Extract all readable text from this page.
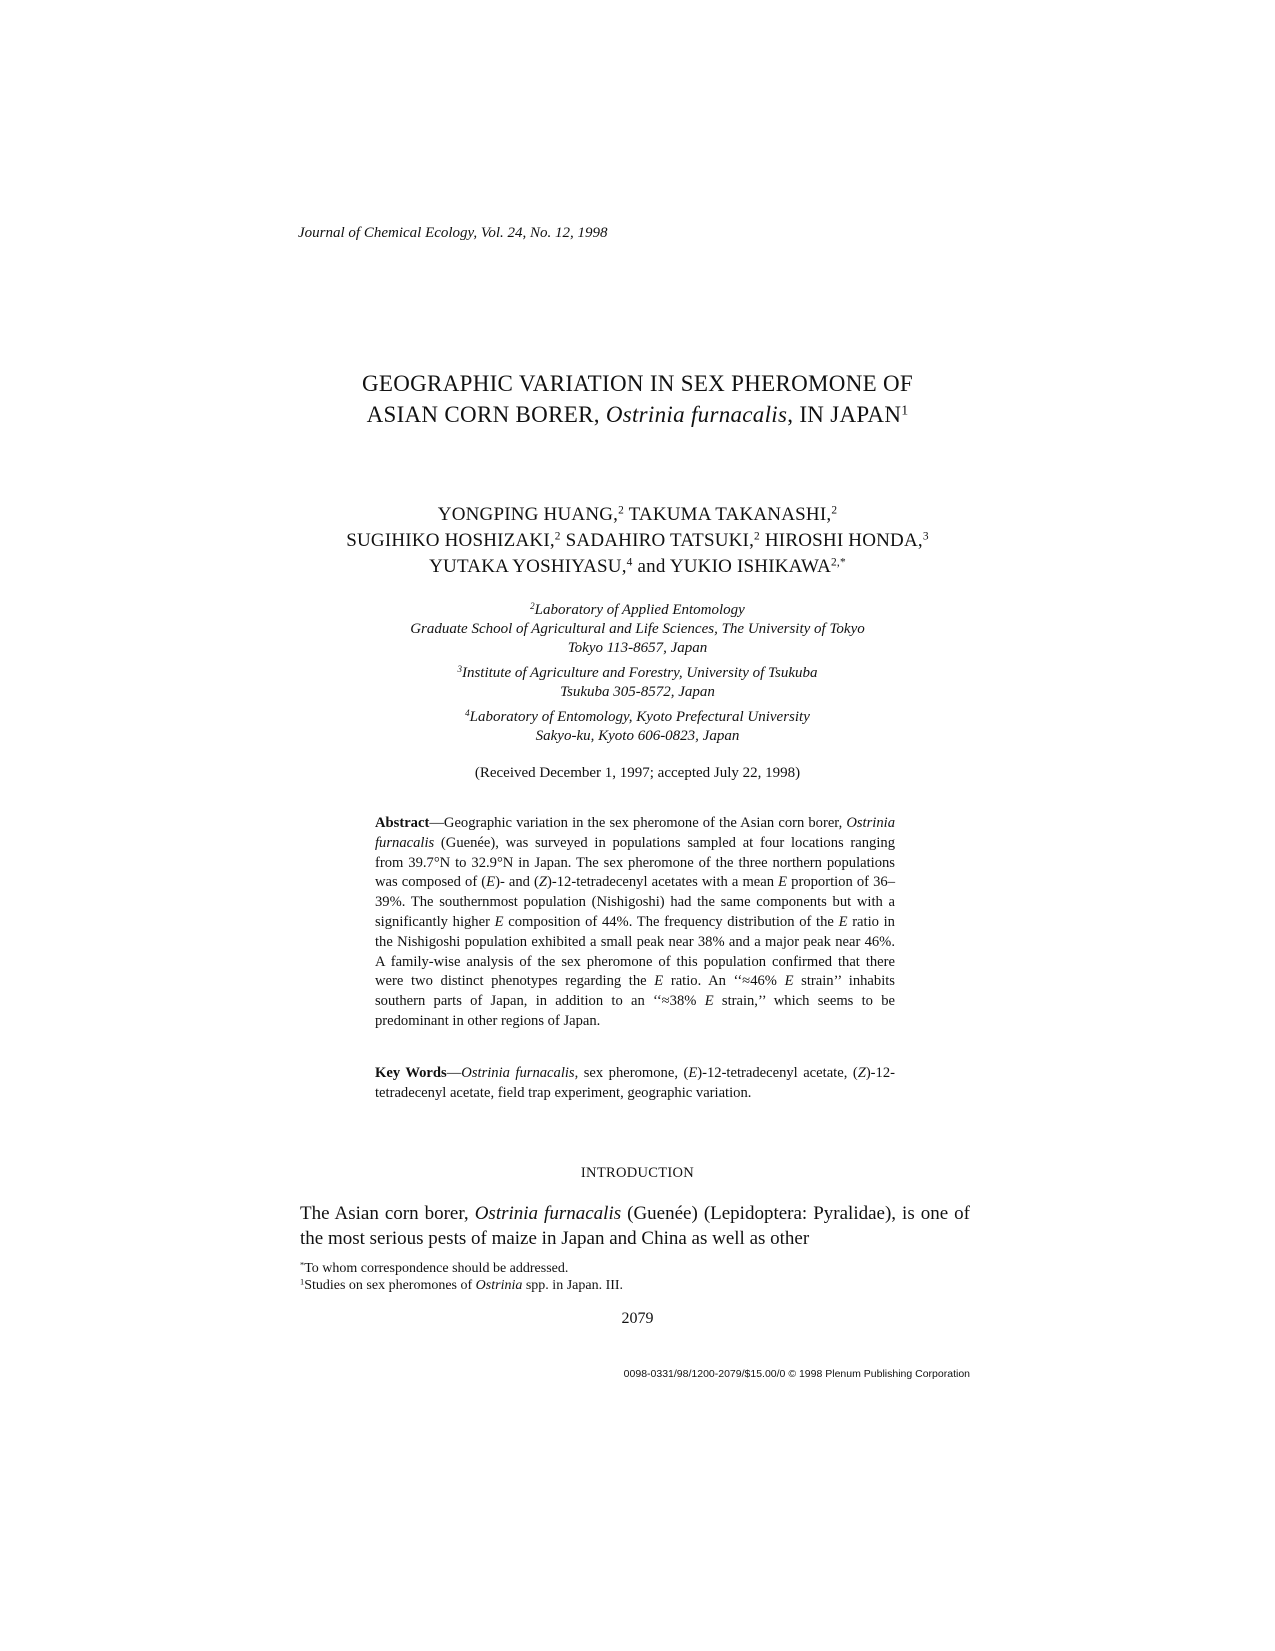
Journal of Chemical Ecology, Vol. 24, No. 12, 1998
GEOGRAPHIC VARIATION IN SEX PHEROMONE OF
ASIAN CORN BORER, Ostrinia furnacalis, IN JAPAN$^1$
YONGPING HUANG,$^2$ TAKUMA TAKANASHI,$^2$
SUGIHIKO HOSHIZAKI,$^2$ SADAHIRO TATSUKI,$^2$ HIROSHI HONDA,$^3$
YUTAKA YOSHIYASU,$^4$ and YUKIO $ISHIKAWA^{2,*}$
$^2$Laboratory of Applied Entomology
Graduate School of Agricultural and Life Sciences, The University of Tokyo
Tokyo 113-8657, Japan
$^3$Institute of Agriculture and Forestry, University of Tsukuba
Tsukuba 305-8572, Japan
$^4$Laboratory of Entomology, Kyoto Prefectural University
Sakyo-ku, Kyoto 606-0823, Japan
(Received December 1, 1997; accepted July 22, 1998)
Abstract—Geographic variation in the sex pheromone of the Asian corn borer, Ostrinia furnacalis (Guenée), was surveyed in populations sampled at four locations ranging from 39.7°N to 32.9°N in Japan. The sex pheromone of the three northern populations was composed of (E)- and (Z)-12-tetradecenyl acetates with a mean E proportion of 36–39%. The southernmost population (Nishigoshi) had the same components but with a significantly higher E composition of 44%. The frequency distribution of the E ratio in the Nishigoshi population exhibited a small peak near 38% and a major peak near 46%. A family-wise analysis of the sex pheromone of this population confirmed that there were two distinct phenotypes regarding the E ratio. An ‘‘≈46% E strain’’ inhabits southern parts of Japan, in addition to an ‘‘≈38% E strain,’’ which seems to be predominant in other regions of Japan.
Key Words—Ostrinia furnacalis, sex pheromone, (E)-12-tetradecenyl acetate, (Z)-12-tetradecenyl acetate, field trap experiment, geographic variation.
INTRODUCTION
The Asian corn borer, Ostrinia furnacalis (Guenée) (Lepidoptera: Pyralidae), is one of the most serious pests of maize in Japan and China as well as other
*To whom correspondence should be addressed.
$^1$Studies on sex pheromones of Ostrinia spp. in Japan. III.
2079
0098-0331/98/1200-2079/$15.00/0 © 1998 Plenum Publishing Corporation
